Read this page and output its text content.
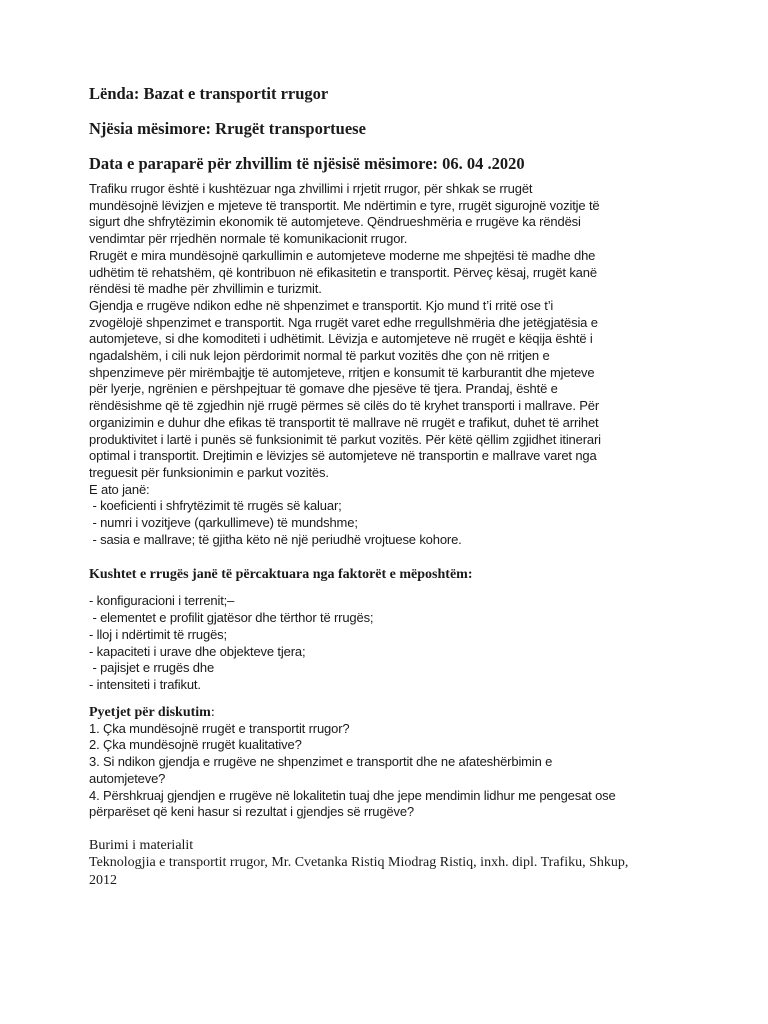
Lënda: Bazat e transportit rrugor

Njësia mësimore: Rrugët transportuese

Data e paraparë për zhvillim të njësisë mësimore: 06. 04 .2020

Trafiku rrugor është i kushtëzuar nga zhvillimi i rrjetit rrugor, për shkak se rrugët
mundësojnë lëvizjen e mjeteve të transportit. Me ndërtimin e tyre, rrugët sigurojnë vozitje të
sigurt dhe shfrytëzimin ekonomik të automjeteve. Qëndrueshmëria e rrugëve ka rëndësi
vendimtar për rrjedhën normale të komunikacionit rrugor.
Rrugët e mira mundësojnë qarkullimin e automjeteve moderne me shpejtësi të madhe dhe
udhëtim të rehatshëm, që kontribuon në efikasitetin e transportit. Përveç kësaj, rrugët kanë
rëndësi të madhe për zhvillimin e turizmit.
Gjendja e rrugëve ndikon edhe në shpenzimet e transportit. Kjo mund t’i rritë ose t’i
zvogëlojë shpenzimet e transportit. Nga rrugët varet edhe rregullshmëria dhe jetëgjatësia e
automjeteve, si dhe komoditeti i udhëtimit. Lëvizja e automjeteve në rrugët e këqija është i
ngadalshëm, i cili nuk lejon përdorimit normal të parkut vozitës dhe çon në rritjen e
shpenzimeve për mirëmbajtje të automjeteve, rritjen e konsumit të karburantit dhe mjeteve
për lyerje, ngrënien e përshpejtuar të gomave dhe pjesëve të tjera. Prandaj, është e
rëndësishme që të zgjedhin një rrugë përmes së cilës do të kryhet transporti i mallrave. Për
organizimin e duhur dhe efikas të transportit të mallrave në rrugët e trafikut, duhet të arrihet
produktivitet i lartë i punës së funksionimit të parkut vozitës. Për këtë qëllim zgjidhet itinerari
optimal i transportit. Drejtimin e lëvizjes së automjeteve në transportin e mallrave varet nga
treguesit për funksionimin e parkut vozitës.
E ato janë:
- koeficienti i shfrytëzimit të rrugës së kaluar;
- numri i vozitjeve (qarkullimeve) të mundshme;
- sasia e mallrave; të gjitha këto në një periudhë vrojtuese kohore.

Kushtet e rrugës janë të përcaktuara nga faktorët e mëposhtëm:

- konfiguracioni i terrenit;–
- elementet e profilit gjatësor dhe tërthor të rrugës;
- lloj i ndërtimit të rrugës;
- kapaciteti i urave dhe objekteve tjera;
- pajisjet e rrugës dhe
- intensiteti i trafikut.
Pyetjet për diskutim:
1. Çka mundësojnë rrugët e transportit rrugor?
2. Çka mundësojnë rrugët kualitative?
3. Si ndikon gjendja e rrugëve ne shpenzimet e transportit dhe ne afateshërbimin e
automjeteve?
4. Përshkruaj gjendjen e rrugëve në lokalitetin tuaj dhe jepe mendimin lidhur me pengesat ose
përparëset që keni hasur si rezultat i gjendjes së rrugëve?
Burimi i materialit
Teknologjia e transportit rrugor, Mr. Cvetanka Ristiq Miodrag Ristiq, inxh. dipl. Trafiku, Shkup,
2012
